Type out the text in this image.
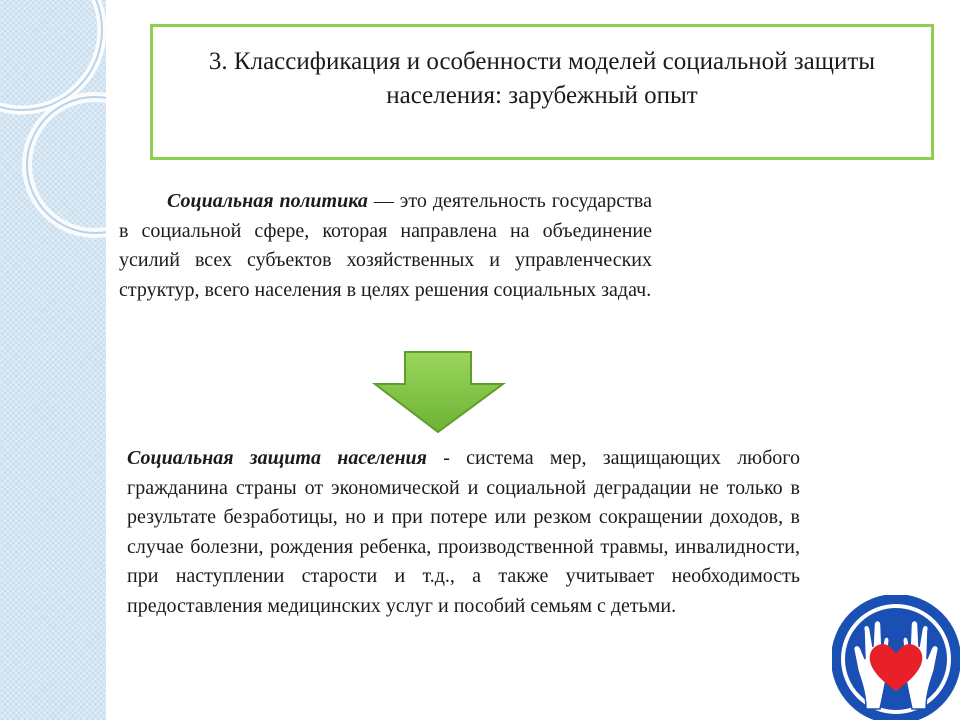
3. Классификация и особенности моделей социальной защиты населения: зарубежный опыт
Социальная политика — это деятельность государства в социальной сфере, которая направлена на объединение усилий всех субъектов хозяйственных и управленческих структур, всего населения в целях решения социальных задач.
Социальная защита населения - система мер, защищающих любого гражданина страны от экономической и социальной деградации не только в результате безработицы, но и при потере или резком сокращении доходов, в случае болезни, рождения ребенка, производственной травмы, инвалидности, при наступлении старости и т.д., а также учитывает необходимость предоставления медицинских услуг и пособий семьям с детьми.
